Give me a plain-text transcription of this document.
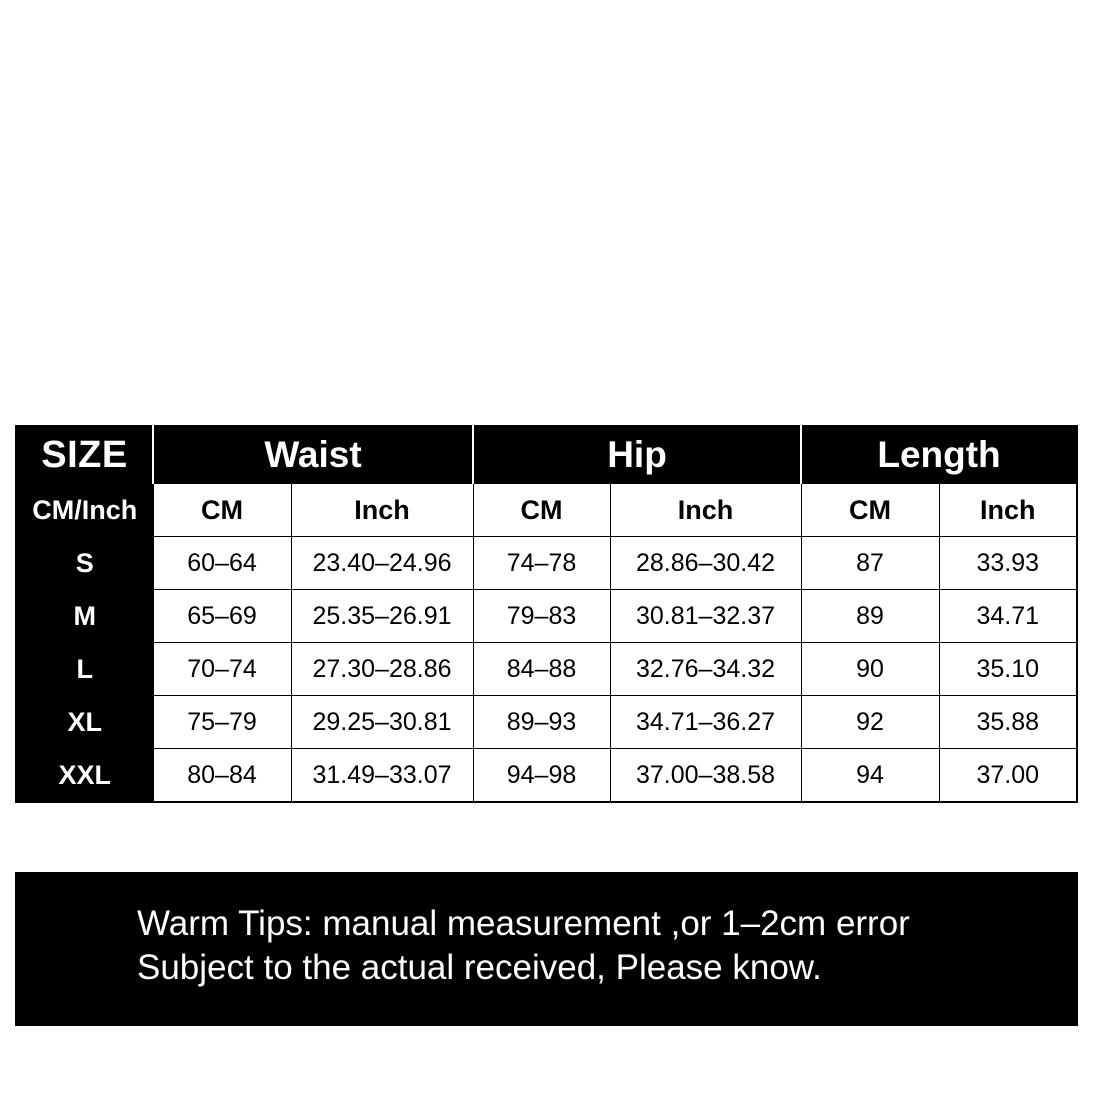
SIZE	Waist		Hip		Length	
CM/Inch	CM	Inch	CM	Inch	CM	Inch
S	60–64	23.40–24.96	74–78	28.86–30.42	87	33.93
M	65–69	25.35–26.91	79–83	30.81–32.37	89	34.71
L	70–74	27.30–28.86	84–88	32.76–34.32	90	35.10
XL	75–79	29.25–30.81	89–93	34.71–36.27	92	35.88
XXL	80–84	31.49–33.07	94–98	37.00–38.58	94	37.00
Warm Tips: manual measurement ,or 1–2cm error
Subject to the actual received, Please know.
